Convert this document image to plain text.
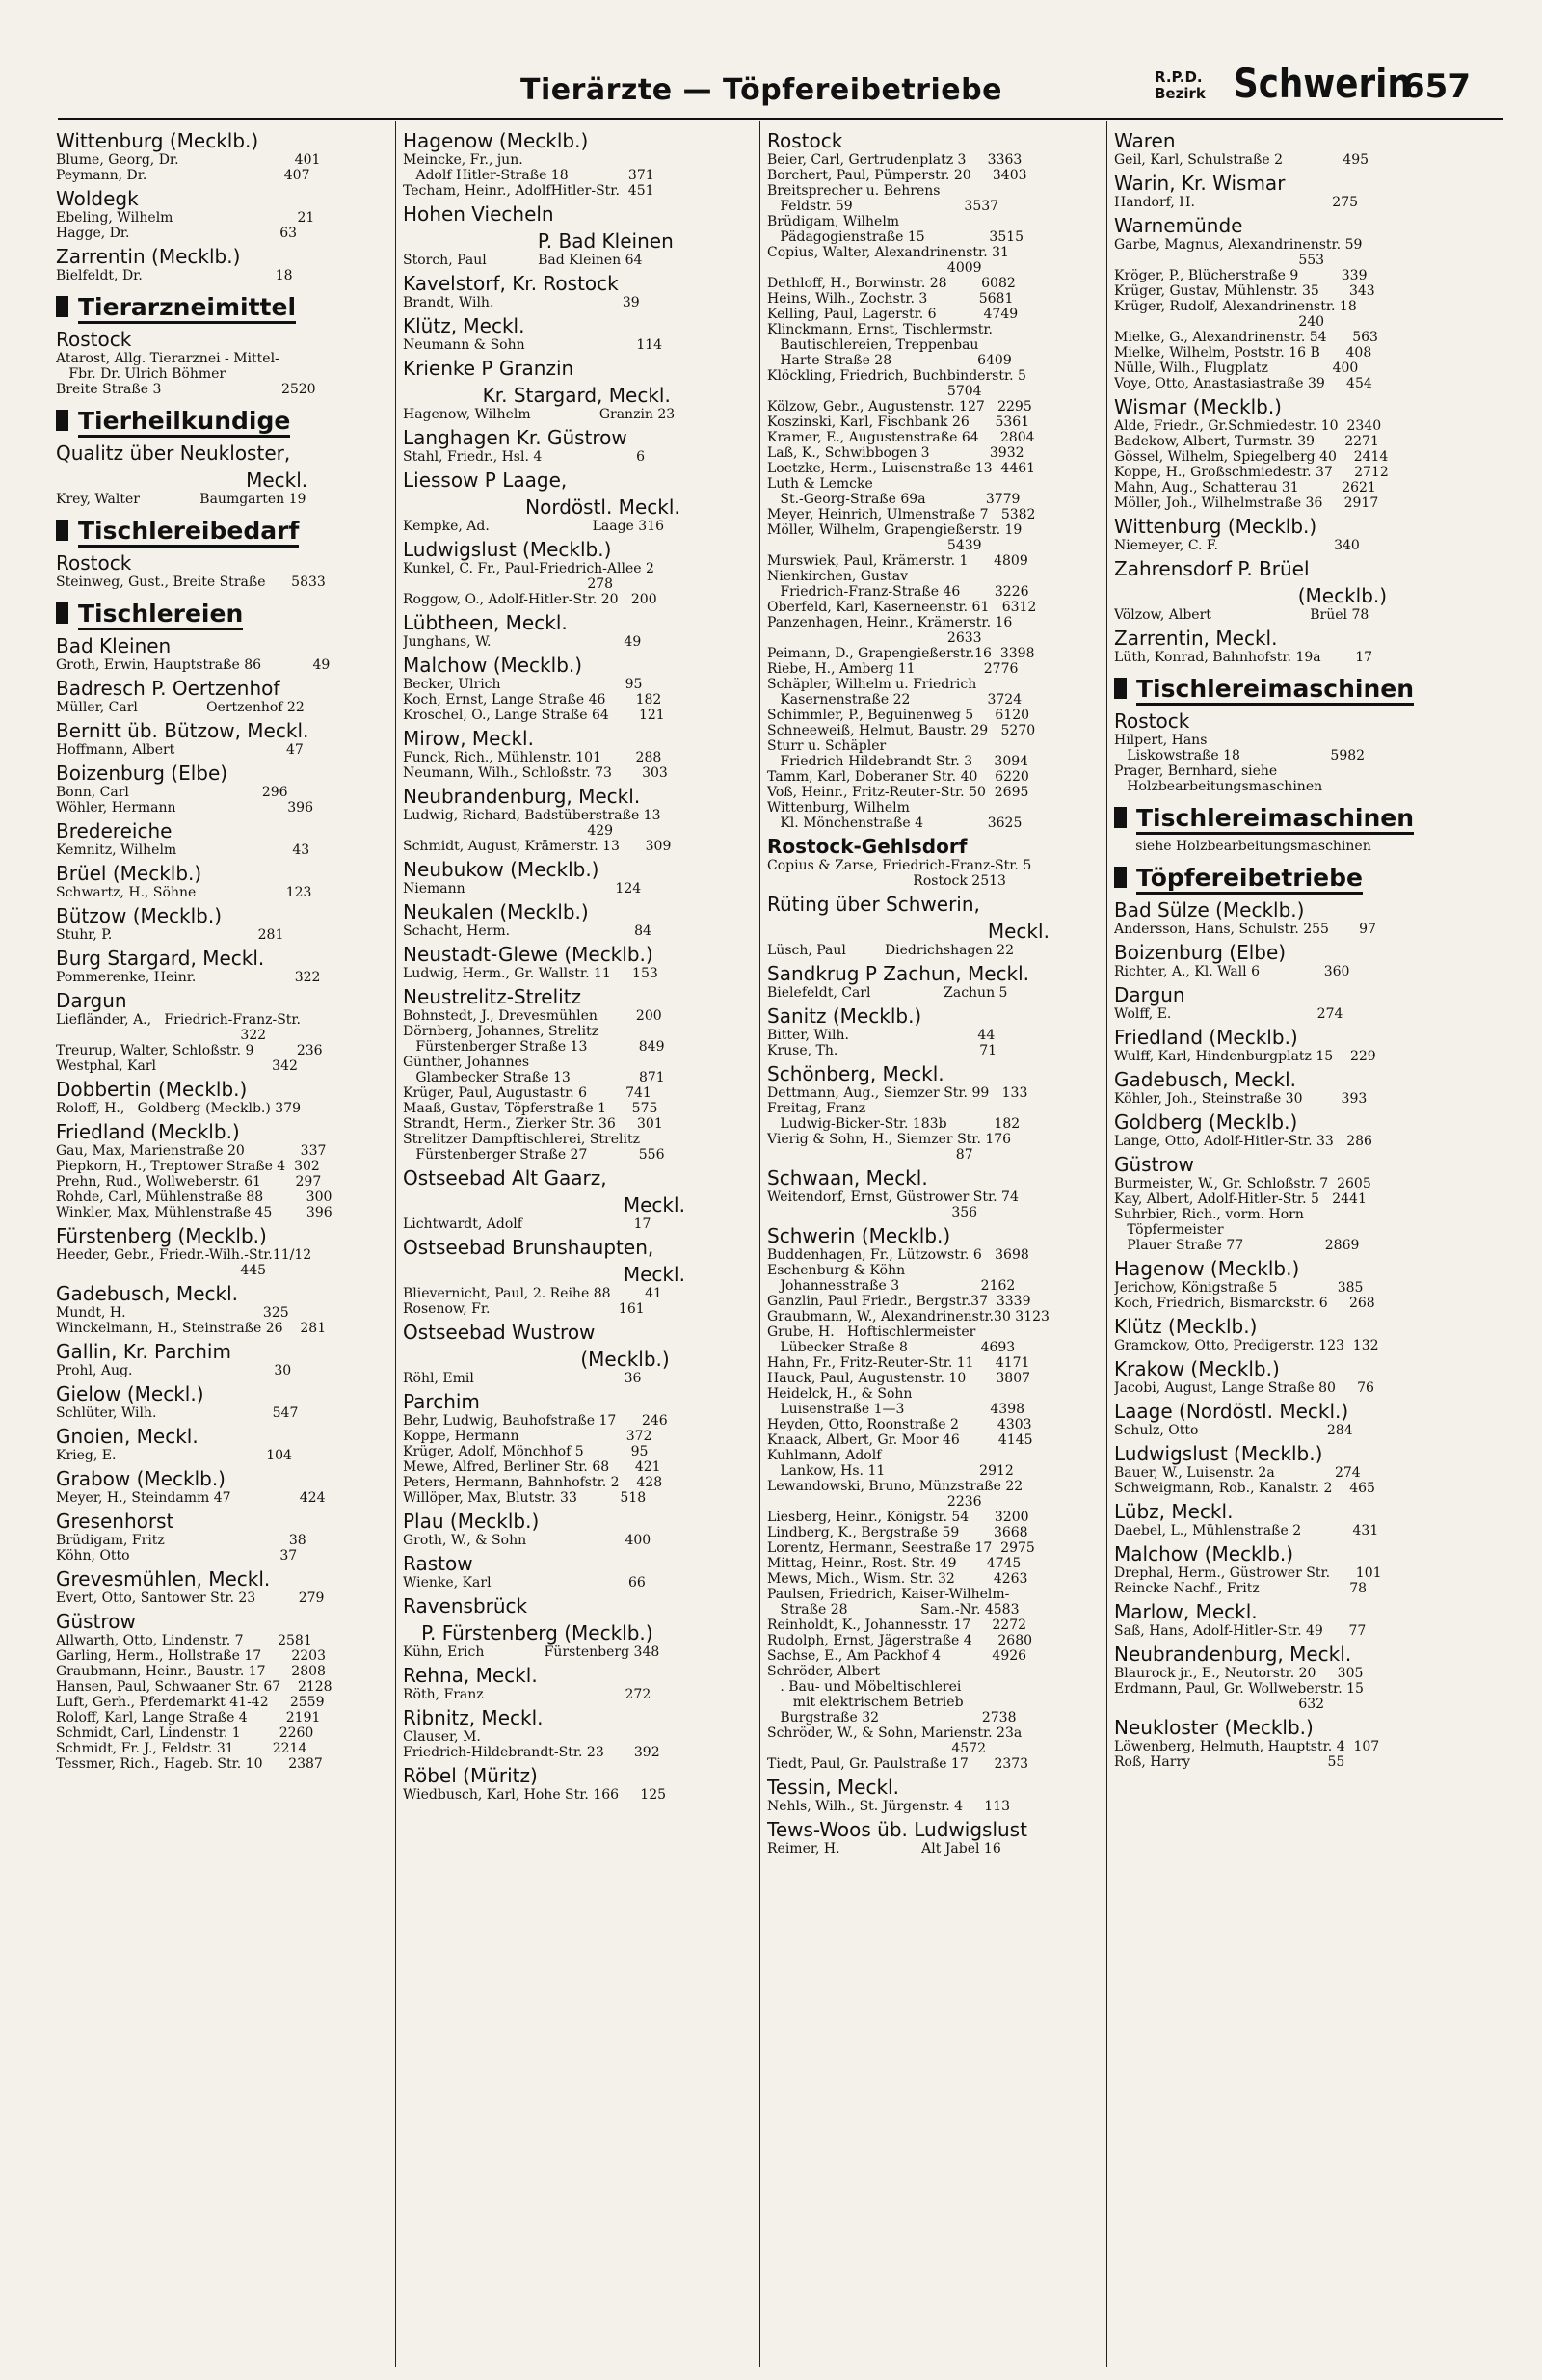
Tierärzte — Töpfereibetriebe	R.P.D.
Bezirk Schwerin
657
Wittenburg (Mecklb.)
Blume, Georg, Dr.                           401
Peymann, Dr.                                407
Woldegk
Ebeling, Wilhelm                             21
Hagge, Dr.                                   63
Zarrentin (Mecklb.)
Bielfeldt, Dr.                               18
Tierarzneimittel
Rostock
Atarost, Allg. Tierarznei - Mittel-
Fbr. Dr. Ulrich Böhmer
Breite Straße 3                            2520
Tierheilkundige
Qualitz über Neukloster,
Meckl.
Krey, Walter              Baumgarten 19
Tischlereibedarf
Rostock
Steinweg, Gust., Breite Straße      5833
Tischlereien
Bad Kleinen
Groth, Erwin, Hauptstraße 86            49
Badresch P. Oertzenhof
Müller, Carl                Oertzenhof 22
Bernitt üb. Bützow, Meckl.
Hoffmann, Albert                          47
Boizenburg (Elbe)
Bonn, Carl                               296
Wöhler, Hermann                          396
Bredereiche
Kemnitz, Wilhelm                           43
Brüel (Mecklb.)
Schwartz, H., Söhne                     123
Bützow (Mecklb.)
Stuhr, P.                                  281
Burg Stargard, Meckl.
Pommerenke, Heinr.                       322
Dargun
Liefländer, A.,   Friedrich-Franz-Str.
322
Treurup, Walter, Schloßstr. 9          236
Westphal, Karl                           342
Dobbertin (Mecklb.)
Roloff, H.,   Goldberg (Mecklb.) 379
Friedland (Mecklb.)
Gau, Max, Marienstraße 20             337
Piepkorn, H., Treptower Straße 4  302
Prehn, Rud., Wollweberstr. 61        297
Rohde, Carl, Mühlenstraße 88          300
Winkler, Max, Mühlenstraße 45        396
Fürstenberg (Mecklb.)
Heeder, Gebr., Friedr.-Wilh.-Str.11/12
445
Gadebusch, Meckl.
Mundt, H.                                325
Winckelmann, H., Steinstraße 26    281
Gallin, Kr. Parchim
Prohl, Aug.                                 30
Gielow (Meckl.)
Schlüter, Wilh.                           547
Gnoien, Meckl.
Krieg, E.                                   104
Grabow (Mecklb.)
Meyer, H., Steindamm 47                424
Gresenhorst
Brüdigam, Fritz                             38
Köhn, Otto                                   37
Grevesmühlen, Meckl.
Evert, Otto, Santower Str. 23          279
Güstrow
Allwarth, Otto, Lindenstr. 7        2581
Garling, Herm., Hollstraße 17       2203
Graubmann, Heinr., Baustr. 17      2808
Hansen, Paul, Schwaaner Str. 67    2128
Luft, Gerh., Pferdemarkt 41-42     2559
Roloff, Karl, Lange Straße 4         2191
Schmidt, Carl, Lindenstr. 1         2260
Schmidt, Fr. J., Feldstr. 31         2214
Tessmer, Rich., Hageb. Str. 10      2387
Hagenow (Mecklb.)
Meincke, Fr., jun.
Adolf Hitler-Straße 18              371
Techam, Heinr., AdolfHitler-Str.  451
Hohen Viecheln
P. Bad Kleinen
Storch, Paul            Bad Kleinen 64
Kavelstorf, Kr. Rostock
Brandt, Wilh.                              39
Klütz, Meckl.
Neumann & Sohn                          114
Krienke P Granzin
Kr. Stargard, Meckl.
Hagenow, Wilhelm                Granzin 23
Langhagen Kr. Güstrow
Stahl, Friedr., Hsl. 4                      6
Liessow P Laage,
Nordöstl. Meckl.
Kempke, Ad.                        Laage 316
Ludwigslust (Mecklb.)
Kunkel, C. Fr., Paul-Friedrich-Allee 2
278
Roggow, O., Adolf-Hitler-Str. 20   200
Lübtheen, Meckl.
Junghans, W.                               49
Malchow (Mecklb.)
Becker, Ulrich                             95
Koch, Ernst, Lange Straße 46       182
Kroschel, O., Lange Straße 64       121
Mirow, Meckl.
Funck, Rich., Mühlenstr. 101        288
Neumann, Wilh., Schloßstr. 73       303
Neubrandenburg, Meckl.
Ludwig, Richard, Badstüberstraße 13
429
Schmidt, August, Krämerstr. 13      309
Neubukow (Mecklb.)
Niemann                                   124
Neukalen (Mecklb.)
Schacht, Herm.                             84
Neustadt-Glewe (Mecklb.)
Ludwig, Herm., Gr. Wallstr. 11     153
Neustrelitz-Strelitz
Bohnstedt, J., Drevesmühlen         200
Dörnberg, Johannes, Strelitz
Fürstenberger Straße 13            849
Günther, Johannes
Glambecker Straße 13                871
Krüger, Paul, Augustastr. 6         741
Maaß, Gustav, Töpferstraße 1      575
Strandt, Herm., Zierker Str. 36     301
Strelitzer Dampftischlerei, Strelitz
Fürstenberger Straße 27            556
Ostseebad Alt Gaarz,
Meckl.
Lichtwardt, Adolf                          17
Ostseebad Brunshaupten,
Meckl.
Blievernicht, Paul, 2. Reihe 88        41
Rosenow, Fr.                              161
Ostseebad Wustrow
(Mecklb.)
Röhl, Emil                                   36
Parchim
Behr, Ludwig, Bauhofstraße 17      246
Koppe, Hermann                         372
Krüger, Adolf, Mönchhof 5           95
Mewe, Alfred, Berliner Str. 68      421
Peters, Hermann, Bahnhofstr. 2    428
Willöper, Max, Blutstr. 33          518
Plau (Mecklb.)
Groth, W., & Sohn                       400
Rastow
Wienke, Karl                                66
Ravensbrück
P. Fürstenberg (Mecklb.)
Kühn, Erich              Fürstenberg 348
Rehna, Meckl.
Röth, Franz                                 272
Ribnitz, Meckl.
Clauser, M.
Friedrich-Hildebrandt-Str. 23       392
Röbel (Müritz)
Wiedbusch, Karl, Hohe Str. 166     125
Rostock
Beier, Carl, Gertrudenplatz 3     3363
Borchert, Paul, Pümperstr. 20     3403
Breitsprecher u. Behrens
Feldstr. 59                          3537
Brüdigam, Wilhelm
Pädagogienstraße 15               3515
Copius, Walter, Alexandrinenstr. 31
4009
Dethloff, H., Borwinstr. 28        6082
Heins, Wilh., Zochstr. 3            5681
Kelling, Paul, Lagerstr. 6           4749
Klinckmann, Ernst, Tischlermstr.
Bautischlereien, Treppenbau
Harte Straße 28                    6409
Klöckling, Friedrich, Buchbinderstr. 5
5704
Kölzow, Gebr., Augustenstr. 127   2295
Koszinski, Karl, Fischbank 26      5361
Kramer, E., Augustenstraße 64     2804
Laß, K., Schwibbogen 3              3932
Loetzke, Herm., Luisenstraße 13  4461
Luth & Lemcke
St.-Georg-Straße 69a              3779
Meyer, Heinrich, Ulmenstraße 7   5382
Möller, Wilhelm, Grapengießerstr. 19
5439
Murswiek, Paul, Krämerstr. 1      4809
Nienkirchen, Gustav
Friedrich-Franz-Straße 46        3226
Oberfeld, Karl, Kaserneenstr. 61   6312
Panzenhagen, Heinr., Krämerstr. 16
2633
Peimann, D., Grapengießerstr.16  3398
Riebe, H., Amberg 11                2776
Schäpler, Wilhelm u. Friedrich
Kasernenstraße 22                  3724
Schimmler, P., Beguinenweg 5     6120
Schneeweiß, Helmut, Baustr. 29   5270
Sturr u. Schäpler
Friedrich-Hildebrandt-Str. 3     3094
Tamm, Karl, Doberaner Str. 40    6220
Voß, Heinr., Fritz-Reuter-Str. 50  2695
Wittenburg, Wilhelm
Kl. Mönchenstraße 4               3625
Rostock-Gehlsdorf
Copius & Zarse, Friedrich-Franz-Str. 5
Rostock 2513
Rüting über Schwerin,
Meckl.
Lüsch, Paul         Diedrichshagen 22
Sandkrug P Zachun, Meckl.
Bielefeldt, Carl                 Zachun 5
Sanitz (Mecklb.)
Bitter, Wilh.                              44
Kruse, Th.                                 71
Schönberg, Meckl.
Dettmann, Aug., Siemzer Str. 99   133
Freitag, Franz
Ludwig-Bicker-Str. 183b           182
Vierig & Sohn, H., Siemzer Str. 176
87
Schwaan, Meckl.
Weitendorf, Ernst, Güstrower Str. 74
356
Schwerin (Mecklb.)
Buddenhagen, Fr., Lützowstr. 6   3698
Eschenburg & Köhn
Johannesstraße 3                   2162
Ganzlin, Paul Friedr., Bergstr.37  3339
Graubmann, W., Alexandrinenstr.30 3123
Grube, H.   Hoftischlermeister
Lübecker Straße 8                 4693
Hahn, Fr., Fritz-Reuter-Str. 11     4171
Hauck, Paul, Augustenstr. 10       3807
Heidelck, H., & Sohn
Luisenstraße 1—3                    4398
Heyden, Otto, Roonstraße 2         4303
Knaack, Albert, Gr. Moor 46         4145
Kuhlmann, Adolf
Lankow, Hs. 11                      2912
Lewandowski, Bruno, Münzstraße 22
2236
Liesberg, Heinr., Königstr. 54      3200
Lindberg, K., Bergstraße 59        3668
Lorentz, Hermann, Seestraße 17  2975
Mittag, Heinr., Rost. Str. 49       4745
Mews, Mich., Wism. Str. 32         4263
Paulsen, Friedrich, Kaiser-Wilhelm-
Straße 28                 Sam.-Nr. 4583
Reinholdt, K., Johannesstr. 17     2272
Rudolph, Ernst, Jägerstraße 4      2680
Sachse, E., Am Packhof 4            4926
Schröder, Albert
. Bau- und Möbeltischlerei
mit elektrischem Betrieb
Burgstraße 32                        2738
Schröder, W., & Sohn, Marienstr. 23a
4572
Tiedt, Paul, Gr. Paulstraße 17      2373
Tessin, Meckl.
Nehls, Wilh., St. Jürgenstr. 4     113
Tews-Woos üb. Ludwigslust
Reimer, H.                   Alt Jabel 16
Waren
Geil, Karl, Schulstraße 2              495
Warin, Kr. Wismar
Handorf, H.                                275
Warnemünde
Garbe, Magnus, Alexandrinenstr. 59
553
Kröger, P., Blücherstraße 9          339
Krüger, Gustav, Mühlenstr. 35       343
Krüger, Rudolf, Alexandrinenstr. 18
240
Mielke, G., Alexandrinenstr. 54      563
Mielke, Wilhelm, Poststr. 16 B      408
Nülle, Wilh., Flugplatz               400
Voye, Otto, Anastasiastraße 39     454
Wismar (Mecklb.)
Alde, Friedr., Gr.Schmiedestr. 10  2340
Badekow, Albert, Turmstr. 39       2271
Gössel, Wilhelm, Spiegelberg 40    2414
Koppe, H., Großschmiedestr. 37     2712
Mahn, Aug., Schatterau 31          2621
Möller, Joh., Wilhelmstraße 36     2917
Wittenburg (Mecklb.)
Niemeyer, C. F.                           340
Zahrensdorf P. Brüel
(Mecklb.)
Völzow, Albert                       Brüel 78
Zarrentin, Meckl.
Lüth, Konrad, Bahnhofstr. 19a        17
Tischlereimaschinen
Rostock
Hilpert, Hans
Liskowstraße 18                     5982
Prager, Bernhard, siehe
Holzbearbeitungsmaschinen
Tischlereimaschinen
siehe Holzbearbeitungsmaschinen
Töpfereibetriebe
Bad Sülze (Mecklb.)
Andersson, Hans, Schulstr. 255       97
Boizenburg (Elbe)
Richter, A., Kl. Wall 6               360
Dargun
Wolff, E.                                  274
Friedland (Mecklb.)
Wulff, Karl, Hindenburgplatz 15    229
Gadebusch, Meckl.
Köhler, Joh., Steinstraße 30         393
Goldberg (Mecklb.)
Lange, Otto, Adolf-Hitler-Str. 33   286
Güstrow
Burmeister, W., Gr. Schloßstr. 7  2605
Kay, Albert, Adolf-Hitler-Str. 5   2441
Suhrbier, Rich., vorm. Horn
Töpfermeister
Plauer Straße 77                   2869
Hagenow (Mecklb.)
Jerichow, Königstraße 5              385
Koch, Friedrich, Bismarckstr. 6     268
Klütz (Mecklb.)
Gramckow, Otto, Predigerstr. 123  132
Krakow (Mecklb.)
Jacobi, August, Lange Straße 80     76
Laage (Nordöstl. Meckl.)
Schulz, Otto                              284
Ludwigslust (Mecklb.)
Bauer, W., Luisenstr. 2a              274
Schweigmann, Rob., Kanalstr. 2    465
Lübz, Meckl.
Daebel, L., Mühlenstraße 2            431
Malchow (Mecklb.)
Drephal, Herm., Güstrower Str.      101
Reincke Nachf., Fritz                     78
Marlow, Meckl.
Saß, Hans, Adolf-Hitler-Str. 49      77
Neubrandenburg, Meckl.
Blaurock jr., E., Neutorstr. 20     305
Erdmann, Paul, Gr. Wollweberstr. 15
632
Neukloster (Mecklb.)
Löwenberg, Helmuth, Hauptstr. 4  107
Roß, Harry                                55
